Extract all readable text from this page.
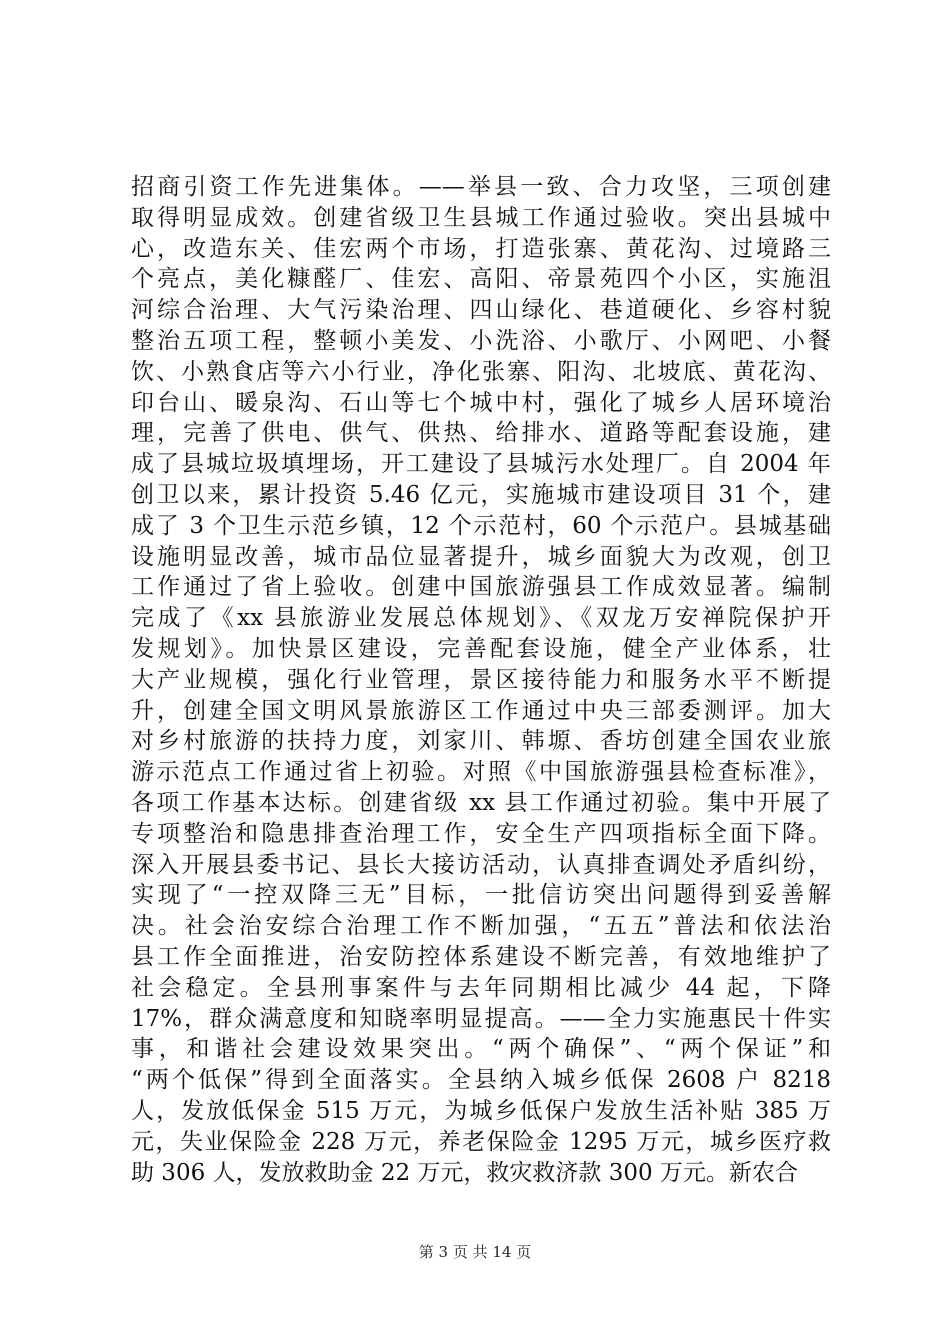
招商引资工作先进集体。——举县一致、合力攻坚，三项创建
取得明显成效。创建省级卫生县城工作通过验收。突出县城中
心，改造东关、佳宏两个市场，打造张寨、黄花沟、过境路三
个亮点，美化糠醛厂、佳宏、高阳、帝景苑四个小区，实施沮
河综合治理、大气污染治理、四山绿化、巷道硬化、乡容村貌
整治五项工程，整顿小美发、小洗浴、小歌厅、小网吧、小餐
饮、小熟食店等六小行业，净化张寨、阳沟、北坡底、黄花沟、
印台山、暖泉沟、石山等七个城中村，强化了城乡人居环境治
理，完善了供电、供气、供热、给排水、道路等配套设施，建
成了县城垃圾填埋场，开工建设了县城污水处理厂。自 2004 年
创卫以来，累计投资 5.46 亿元，实施城市建设项目 31 个，建
成了 3 个卫生示范乡镇，12 个示范村，60 个示范户。县城基础
设施明显改善，城市品位显著提升，城乡面貌大为改观，创卫
工作通过了省上验收。创建中国旅游强县工作成效显著。编制
完成了《xx 县旅游业发展总体规划》、《双龙万安禅院保护开
发规划》。加快景区建设，完善配套设施，健全产业体系，壮
大产业规模，强化行业管理，景区接待能力和服务水平不断提
升，创建全国文明风景旅游区工作通过中央三部委测评。加大
对乡村旅游的扶持力度，刘家川、韩塬、香坊创建全国农业旅
游示范点工作通过省上初验。对照《中国旅游强县检查标准》，
各项工作基本达标。创建省级 xx 县工作通过初验。集中开展了
专项整治和隐患排查治理工作，安全生产四项指标全面下降。
深入开展县委书记、县长大接访活动，认真排查调处矛盾纠纷，
实现了“一控双降三无”目标，一批信访突出问题得到妥善解
决。社会治安综合治理工作不断加强，“五五”普法和依法治
县工作全面推进，治安防控体系建设不断完善，有效地维护了
社会稳定。全县刑事案件与去年同期相比减少 44 起，下降
17%，群众满意度和知晓率明显提高。——全力实施惠民十件实
事，和谐社会建设效果突出。“两个确保”、“两个保证”和
“两个低保”得到全面落实。全县纳入城乡低保 2608 户 8218
人，发放低保金 515 万元，为城乡低保户发放生活补贴 385 万
元，失业保险金 228 万元，养老保险金 1295 万元，城乡医疗救
助 306 人，发放救助金 22 万元，救灾救济款 300 万元。新农合
第 3 页 共 14 页
